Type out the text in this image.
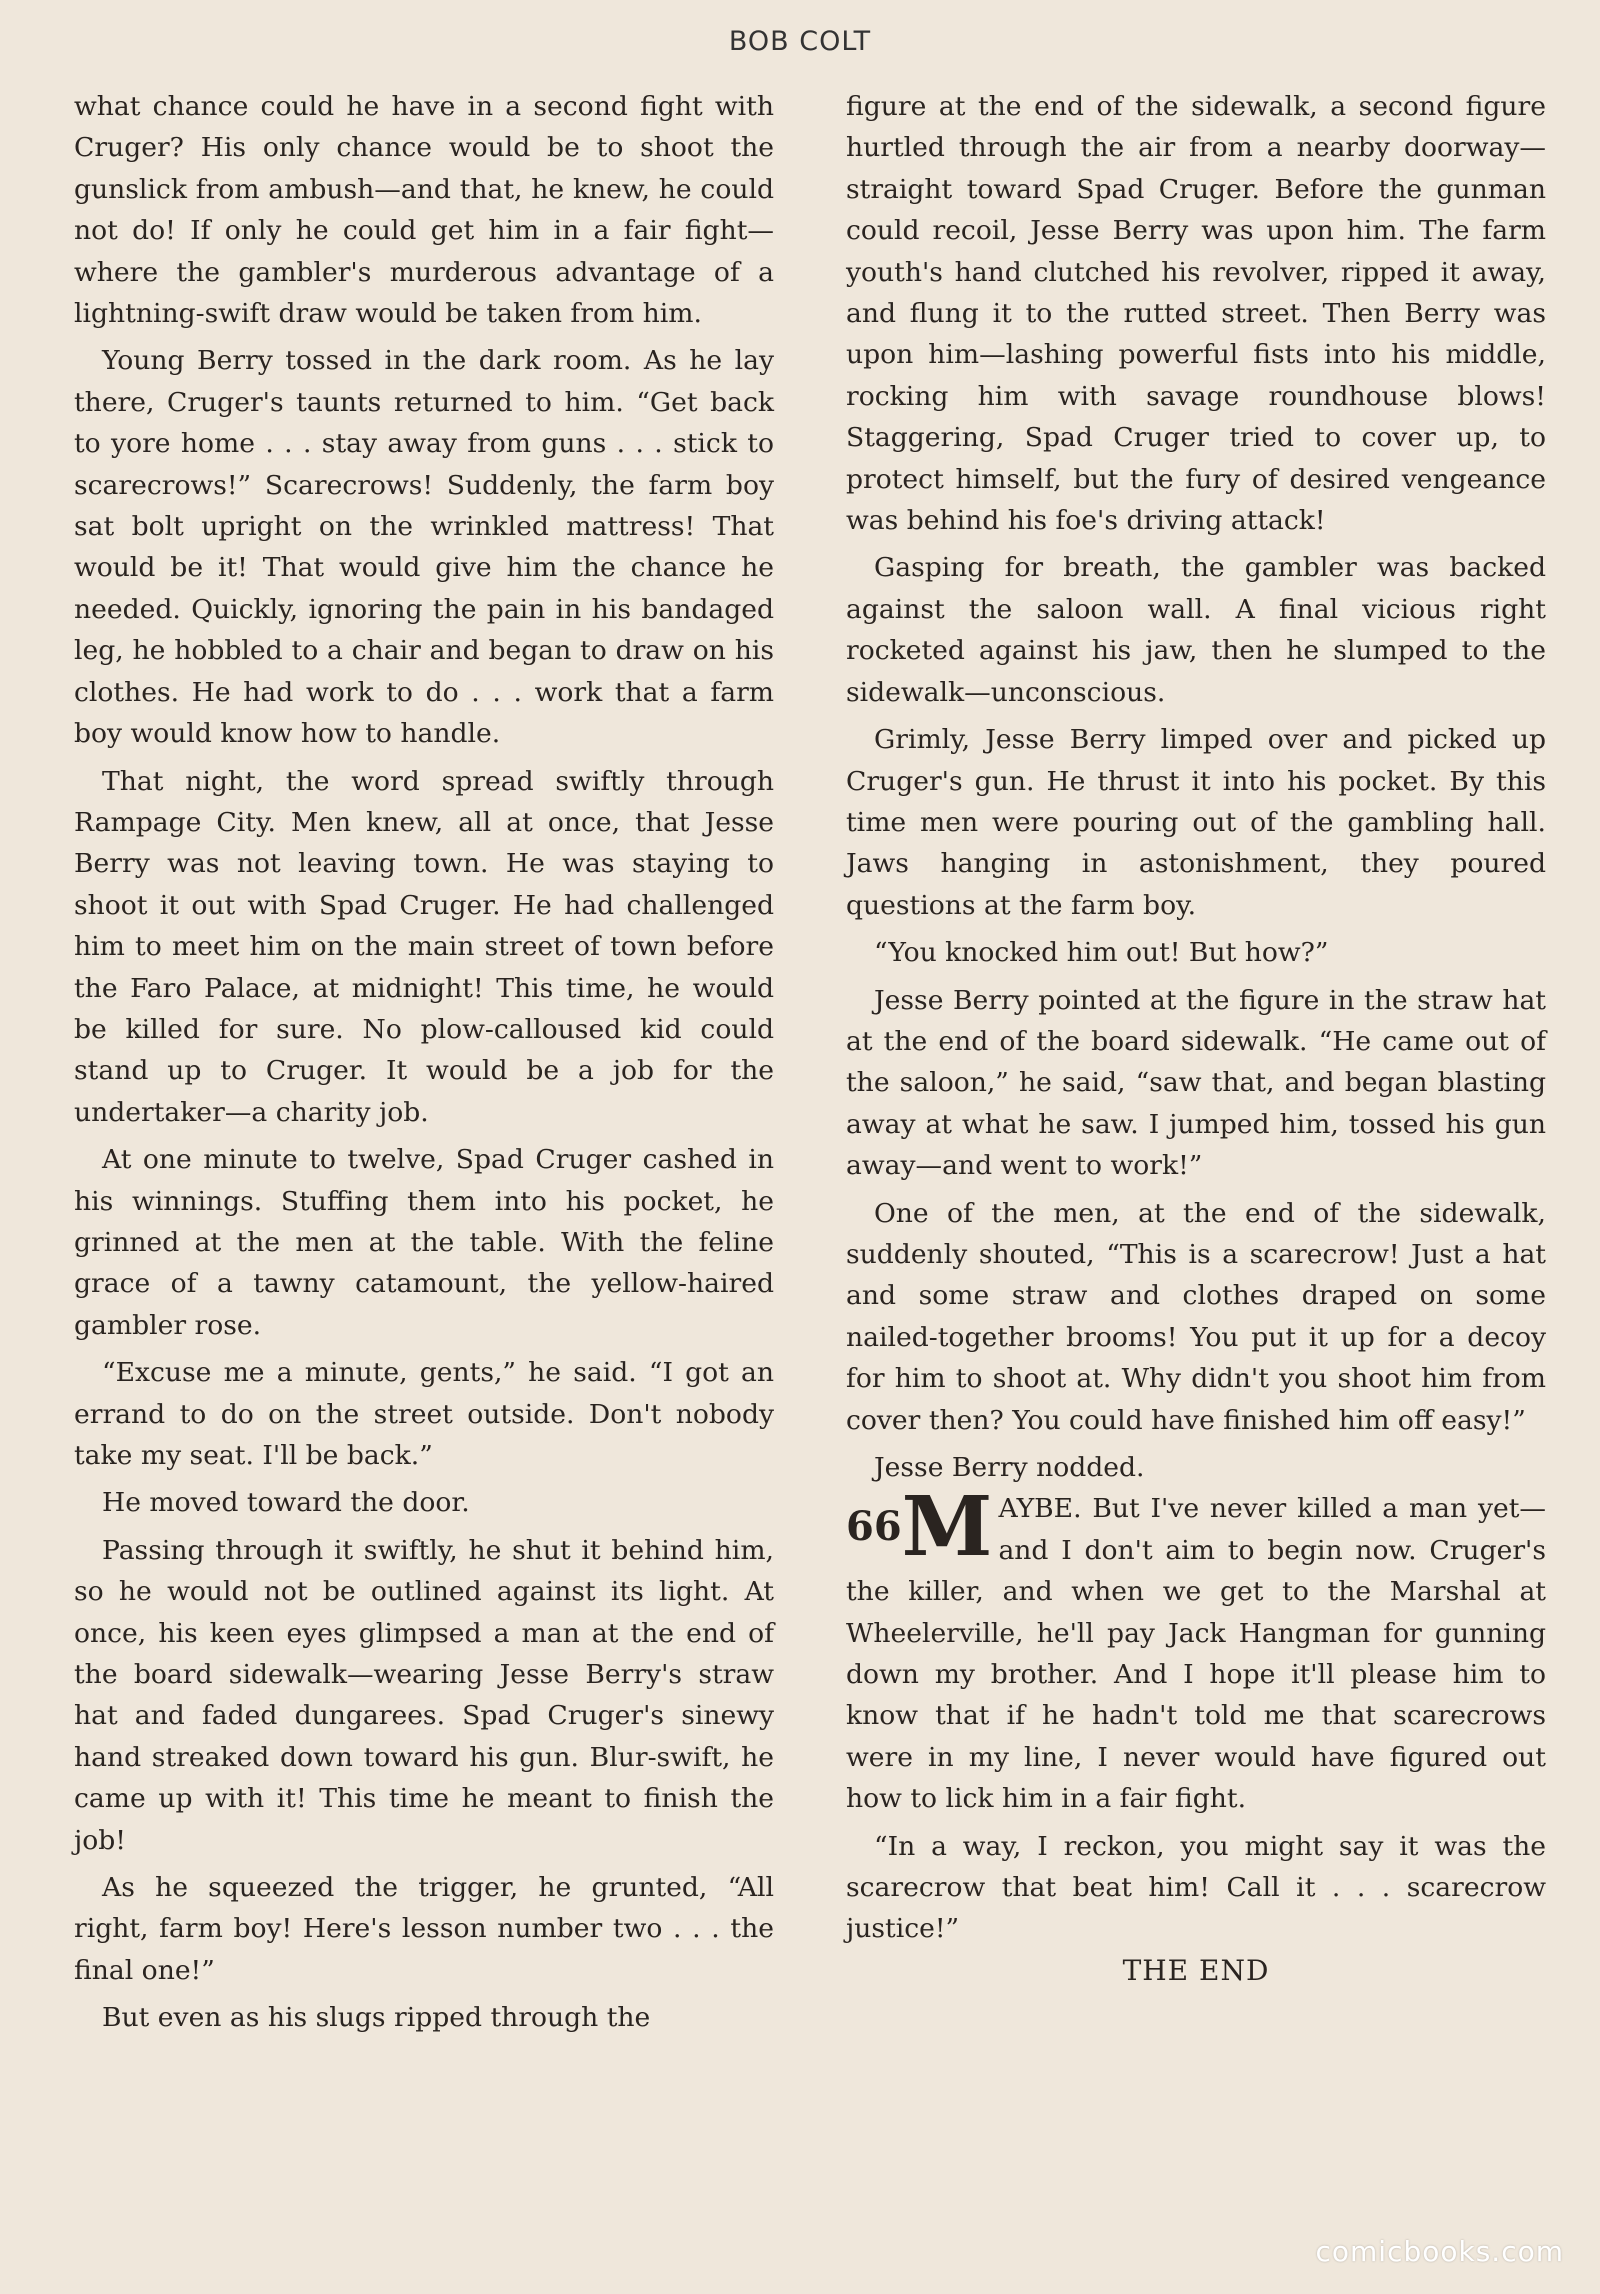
BOB COLT

what chance could he have in a second fight with Cruger? His only chance would be to shoot the gunslick from ambush—and that, he knew, he could not do! If only he could get him in a fair fight—where the gambler's murderous advantage of a lightning-swift draw would be taken from him.

Young Berry tossed in the dark room. As he lay there, Cruger's taunts returned to him. “Get back to yore home . . . stay away from guns . . . stick to scarecrows!” Scarecrows! Suddenly, the farm boy sat bolt upright on the wrinkled mattress! That would be it! That would give him the chance he needed. Quickly, ignoring the pain in his bandaged leg, he hobbled to a chair and began to draw on his clothes. He had work to do . . . work that a farm boy would know how to handle.

That night, the word spread swiftly through Rampage City. Men knew, all at once, that Jesse Berry was not leaving town. He was staying to shoot it out with Spad Cruger. He had challenged him to meet him on the main street of town before the Faro Palace, at midnight! This time, he would be killed for sure. No plow-calloused kid could stand up to Cruger. It would be a job for the undertaker—a charity job.

At one minute to twelve, Spad Cruger cashed in his winnings. Stuffing them into his pocket, he grinned at the men at the table. With the feline grace of a tawny catamount, the yellow-haired gambler rose.

“Excuse me a minute, gents,” he said. “I got an errand to do on the street outside. Don't nobody take my seat. I'll be back.”

He moved toward the door.

Passing through it swiftly, he shut it behind him, so he would not be outlined against its light. At once, his keen eyes glimpsed a man at the end of the board sidewalk—wearing Jesse Berry's straw hat and faded dungarees. Spad Cruger's sinewy hand streaked down toward his gun. Blur-swift, he came up with it! This time he meant to finish the job!

As he squeezed the trigger, he grunted, “All right, farm boy! Here's lesson number two . . . the final one!”

But even as his slugs ripped through the

figure at the end of the sidewalk, a second figure hurtled through the air from a nearby doorway—straight toward Spad Cruger. Before the gunman could recoil, Jesse Berry was upon him. The farm youth's hand clutched his revolver, ripped it away, and flung it to the rutted street. Then Berry was upon him—lashing powerful fists into his middle, rocking him with savage roundhouse blows! Staggering, Spad Cruger tried to cover up, to protect himself, but the fury of desired vengeance was behind his foe's driving attack!

Gasping for breath, the gambler was backed against the saloon wall. A final vicious right rocketed against his jaw, then he slumped to the sidewalk—unconscious.

Grimly, Jesse Berry limped over and picked up Cruger's gun. He thrust it into his pocket. By this time men were pouring out of the gambling hall. Jaws hanging in astonishment, they poured questions at the farm boy.

“You knocked him out! But how?”

Jesse Berry pointed at the figure in the straw hat at the end of the board sidewalk. “He came out of the saloon,” he said, “saw that, and began blasting away at what he saw. I jumped him, tossed his gun away—and went to work!”

One of the men, at the end of the sidewalk, suddenly shouted, “This is a scarecrow! Just a hat and some straw and clothes draped on some nailed-together brooms! You put it up for a decoy for him to shoot at. Why didn't you shoot him from cover then? You could have finished him off easy!”

Jesse Berry nodded.

$^{66}$M AYBE. But I've never killed a man yet—and I don't aim to begin now. Cruger's the killer, and when we get to the Marshal at Wheelerville, he'll pay Jack Hangman for gunning down my brother. And I hope it'll please him to know that if he hadn't told me that scarecrows were in my line, I never would have figured out how to lick him in a fair fight.

“In a way, I reckon, you might say it was the scarecrow that beat him! Call it . . . scarecrow justice!”

THE END

comicbooks.com
